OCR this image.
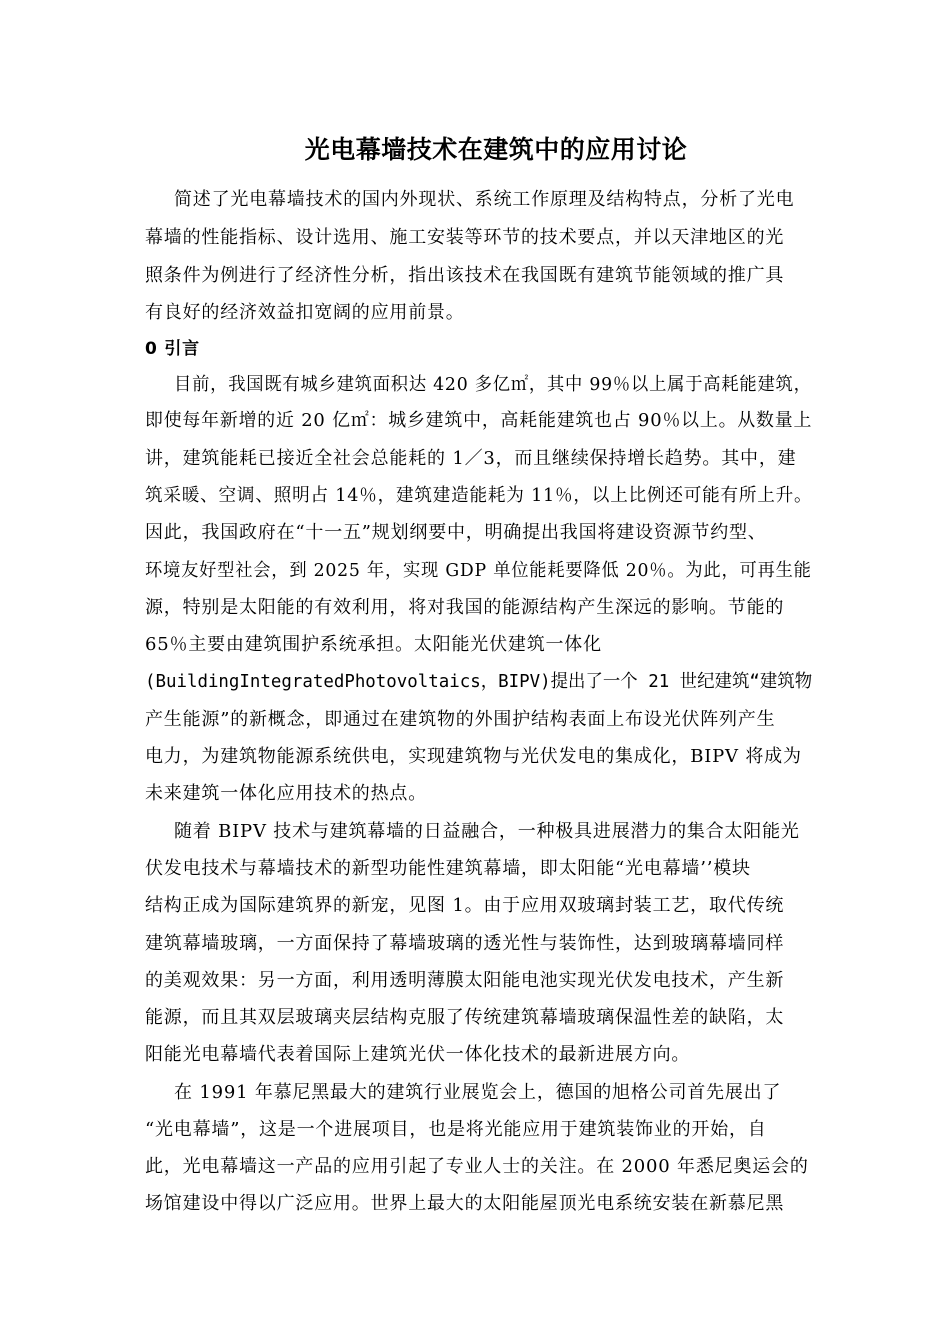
光电幕墙技术在建筑中的应用讨论
简述了光电幕墙技术的国内外现状、系统工作原理及结构特点，分析了光电
幕墙的性能指标、设计选用、施工安装等环节的技术要点，并以天津地区的光
照条件为例进行了经济性分析，指出该技术在我国既有建筑节能领域的推广具
有良好的经济效益扣宽阔的应用前景。
0 引言
目前，我国既有城乡建筑面积达 420 多亿㎡，其中 99％以上属于高耗能建筑，
即使每年新增的近 20 亿㎡：城乡建筑中，高耗能建筑也占 90％以上。从数量上
讲，建筑能耗已接近全社会总能耗的 1／3，而且继续保持增长趋势。其中，建
筑采暖、空调、照明占 14％，建筑建造能耗为 11％，以上比例还可能有所上升。
因此，我国政府在“十一五”规划纲要中，明确提出我国将建设资源节约型、
环境友好型社会，到 2025 年，实现 GDP 单位能耗要降低 20％。为此，可再生能
源，特别是太阳能的有效利用，将对我国的能源结构产生深远的影响。节能的
65％主要由建筑围护系统承担。太阳能光伏建筑一体化
(BuildingIntegratedPhotovoltaics，BIPV)提出了一个 21 世纪建筑“建筑物
产生能源”的新概念，即通过在建筑物的外围护结构表面上布设光伏阵列产生
电力，为建筑物能源系统供电，实现建筑物与光伏发电的集成化，BIPV 将成为
未来建筑一体化应用技术的热点。
随着 BIPV 技术与建筑幕墙的日益融合，一种极具进展潜力的集合太阳能光
伏发电技术与幕墙技术的新型功能性建筑幕墙，即太阳能“光电幕墙’’模块
结构正成为国际建筑界的新宠，见图 1。由于应用双玻璃封装工艺，取代传统
建筑幕墙玻璃，一方面保持了幕墙玻璃的透光性与装饰性，达到玻璃幕墙同样
的美观效果：另一方面，利用透明薄膜太阳能电池实现光伏发电技术，产生新
能源，而且其双层玻璃夹层结构克服了传统建筑幕墙玻璃保温性差的缺陷，太
阳能光电幕墙代表着国际上建筑光伏一体化技术的最新进展方向。
在 1991 年慕尼黑最大的建筑行业展览会上，德国的旭格公司首先展出了
“光电幕墙”，这是一个进展项目，也是将光能应用于建筑装饰业的开始，自
此，光电幕墙这一产品的应用引起了专业人士的关注。在 2000 年悉尼奥运会的
场馆建设中得以广泛应用。世界上最大的太阳能屋顶光电系统安装在新慕尼黑
